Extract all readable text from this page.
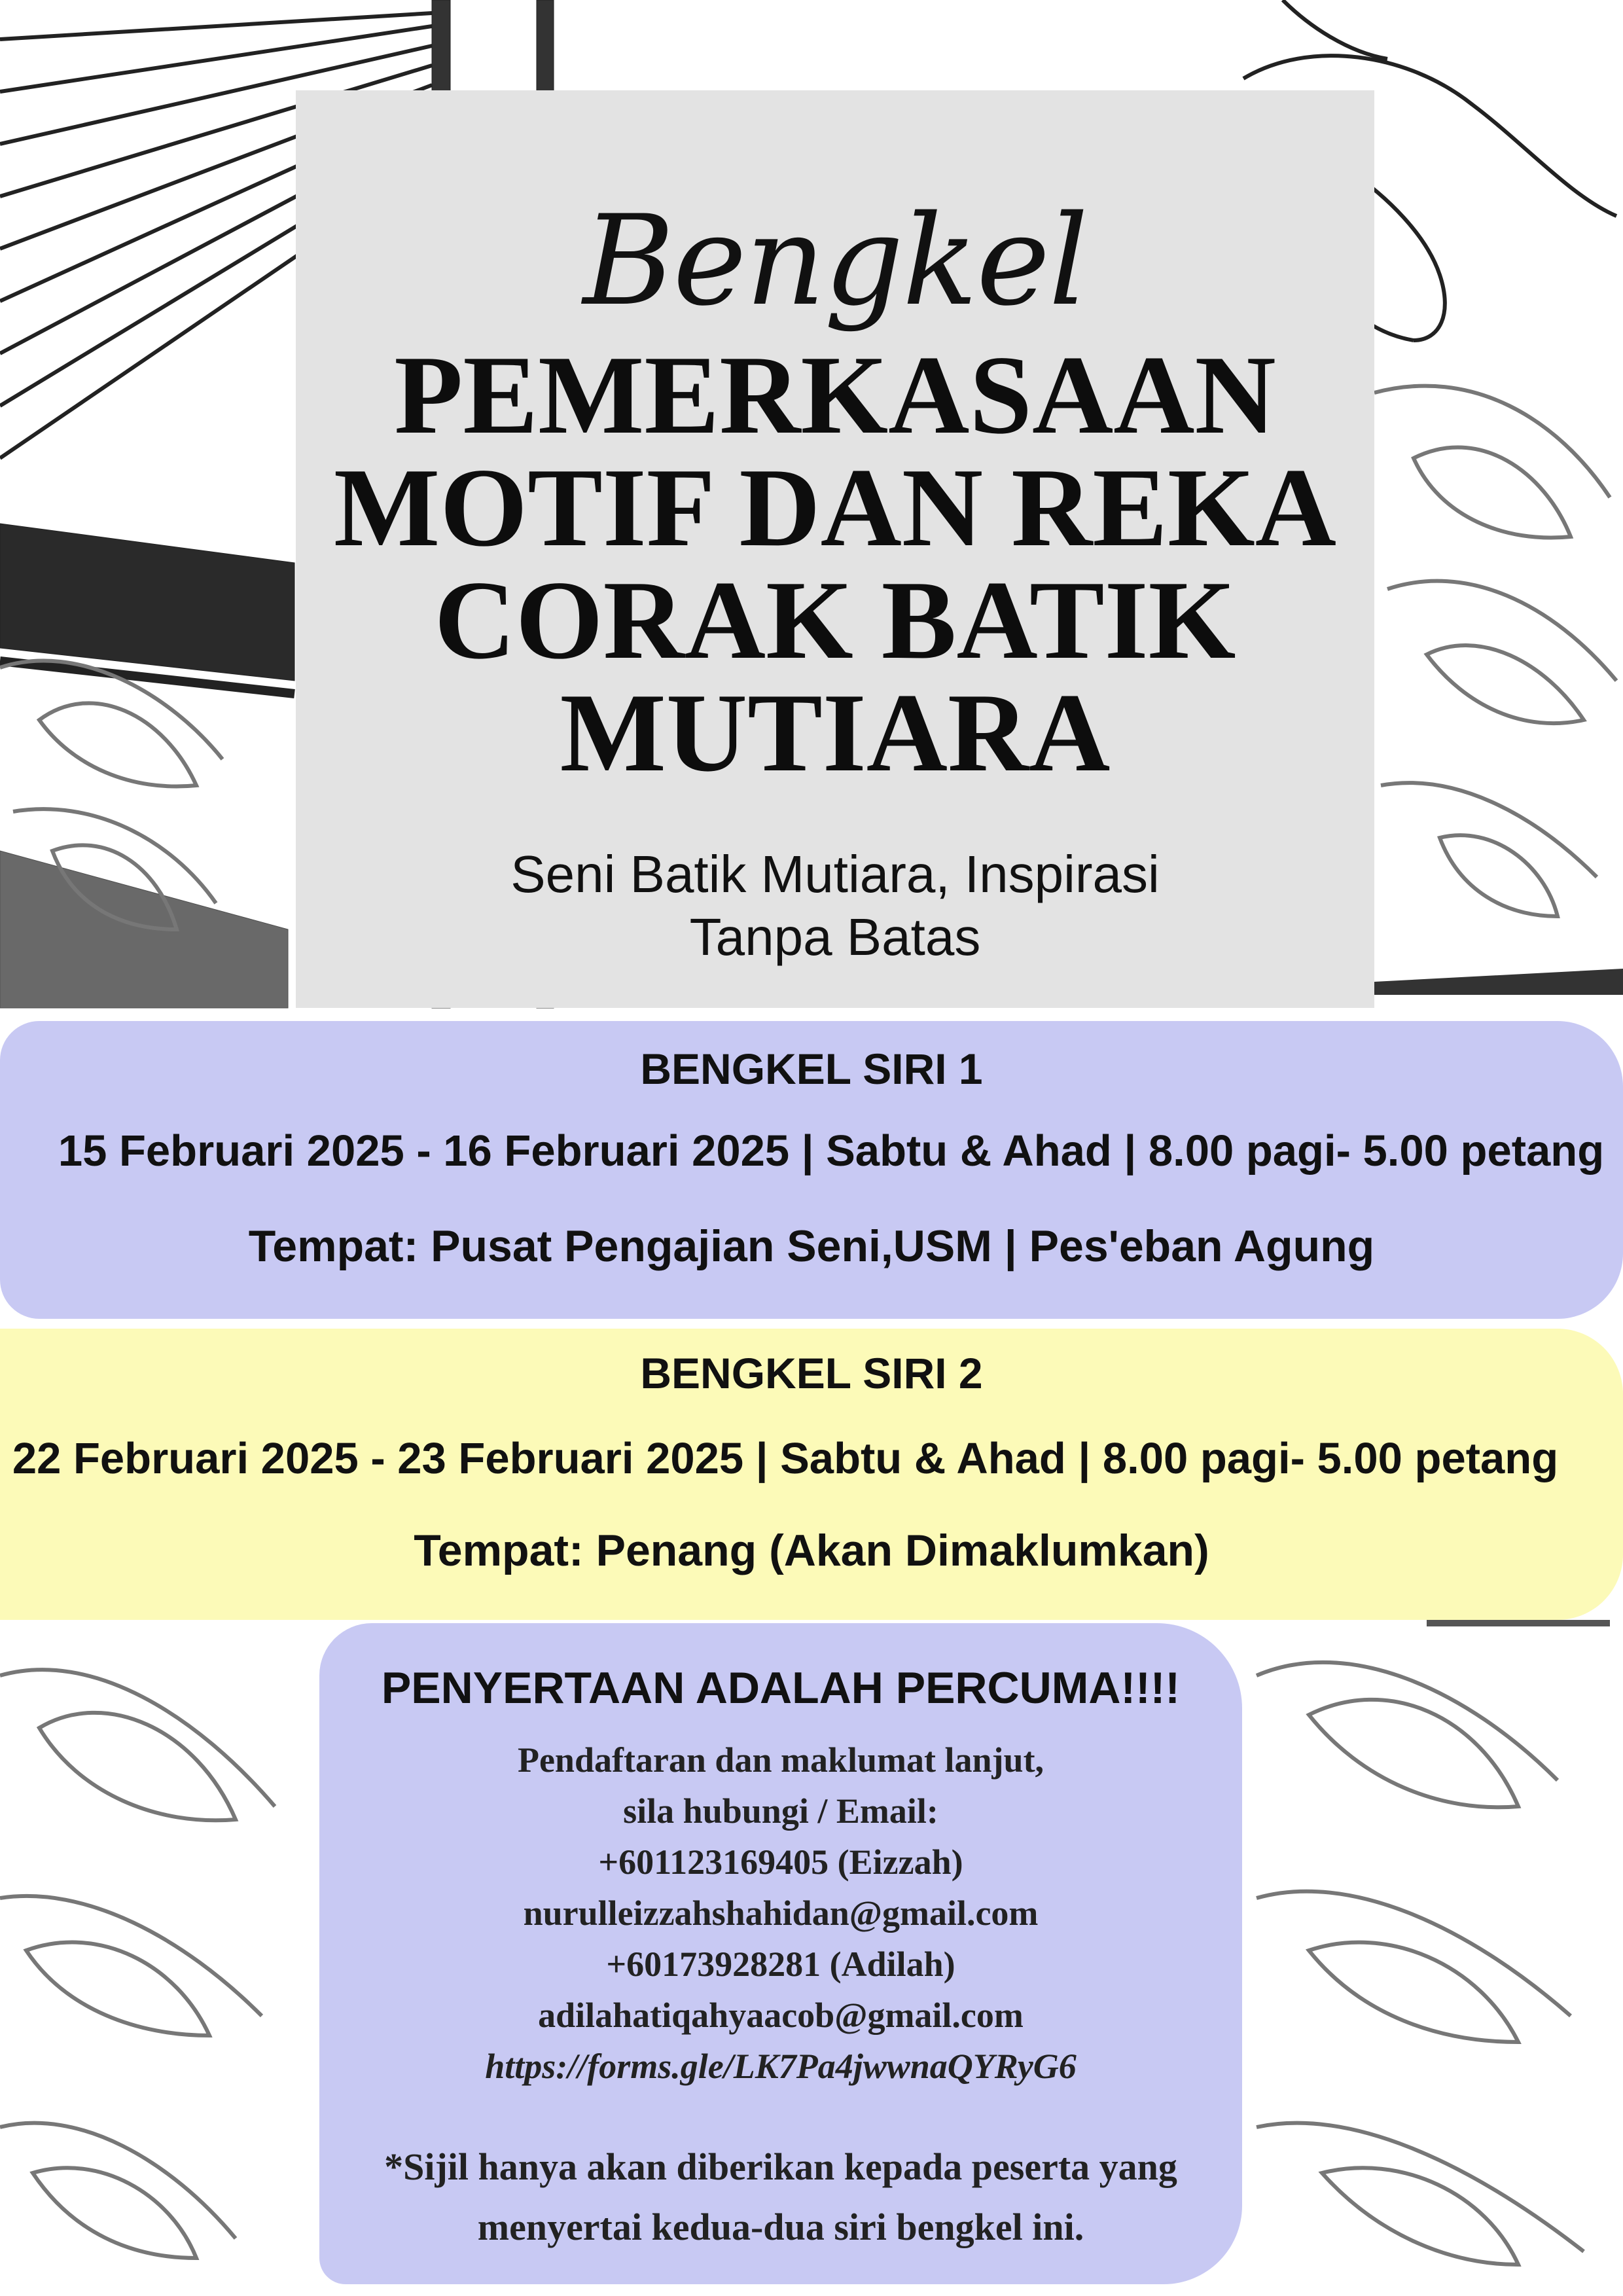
Bengkel
PEMERKASAAN
MOTIF DAN REKA
CORAK BATIK
MUTIARA
Seni Batik Mutiara, Inspirasi
Tanpa Batas
BENGKEL SIRI 1
15 Februari 2025 - 16 Februari 2025 | Sabtu & Ahad | 8.00 pagi- 5.00 petang
Tempat: Pusat Pengajian Seni,USM | Pes'eban Agung
BENGKEL SIRI 2
22 Februari 2025 - 23 Februari 2025 | Sabtu & Ahad | 8.00 pagi- 5.00 petang
Tempat: Penang (Akan Dimaklumkan)
PENYERTAAN ADALAH PERCUMA!!!!
Pendaftaran dan maklumat lanjut,
sila hubungi / Email:
+601123169405 (Eizzah)
nurulleizzahshahidan@gmail.com
+60173928281 (Adilah)
adilahatiqahyaacob@gmail.com
https://forms.gle/LK7Pa4jwwnaQYRyG6
*Sijil hanya akan diberikan kepada peserta yang
menyertai kedua-dua siri bengkel ini.
